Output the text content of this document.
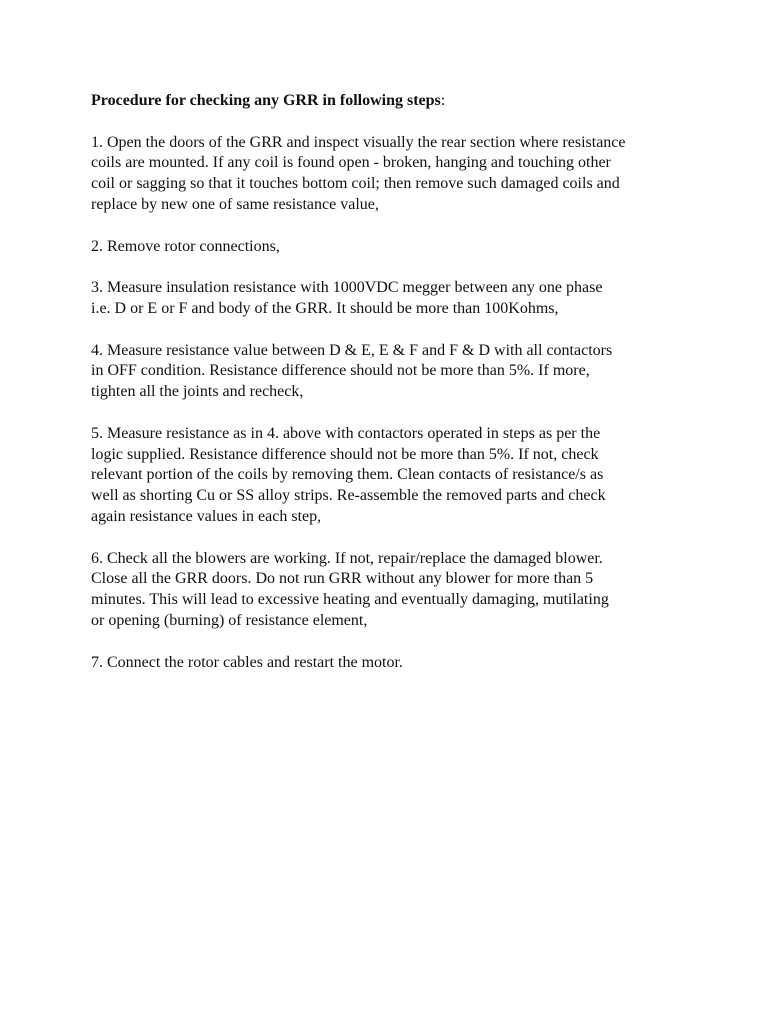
Procedure for checking any GRR in following steps:

1. Open the doors of the GRR and inspect visually the rear section where resistance
coils are mounted. If any coil is found open - broken, hanging and touching other
coil or sagging so that it touches bottom coil; then remove such damaged coils and
replace by new one of same resistance value,

2. Remove rotor connections,

3. Measure insulation resistance with 1000VDC megger between any one phase
i.e. D or E or F and body of the GRR. It should be more than 100Kohms,

4. Measure resistance value between D & E, E & F and F & D with all contactors
in OFF condition. Resistance difference should not be more than 5%. If more,
tighten all the joints and recheck,

5. Measure resistance as in 4. above with contactors operated in steps as per the
logic supplied. Resistance difference should not be more than 5%. If not, check
relevant portion of the coils by removing them. Clean contacts of resistance/s as
well as shorting Cu or SS alloy strips. Re-assemble the removed parts and check
again resistance values in each step,

6. Check all the blowers are working. If not, repair/replace the damaged blower.
Close all the GRR doors. Do not run GRR without any blower for more than 5
minutes. This will lead to excessive heating and eventually damaging, mutilating
or opening (burning) of resistance element,

7. Connect the rotor cables and restart the motor.
